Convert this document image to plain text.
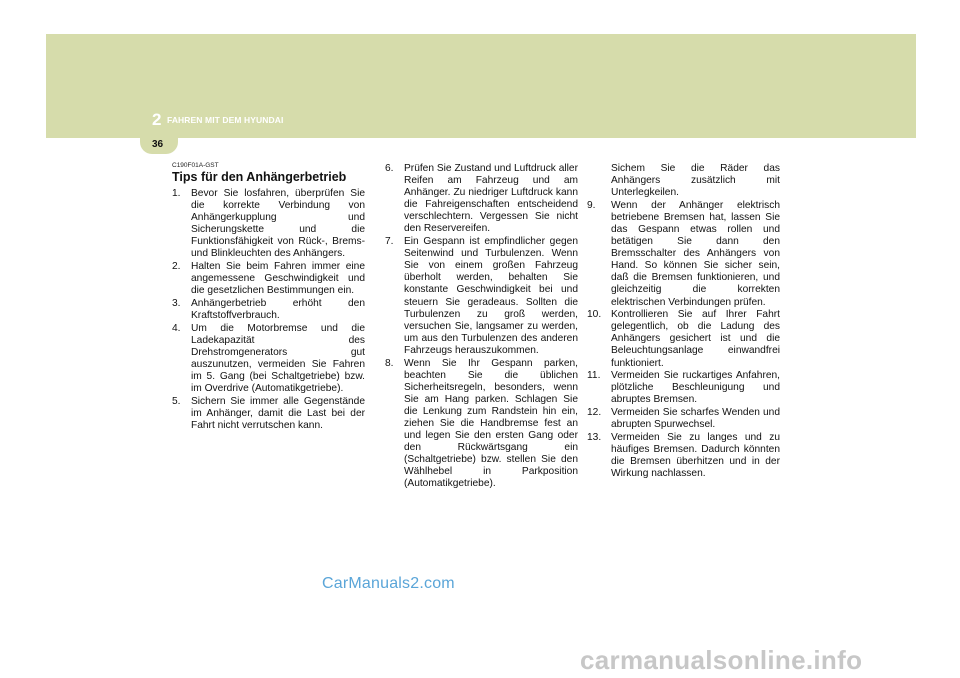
2 FAHREN MIT DEM HYUNDAI
36
C190F01A-GST
Tips für den Anhängerbetrieb
1. Bevor Sie losfahren, überprüfen Sie die korrekte Verbindung von Anhängerkupplung und Sicherungskette und die Funktionsfähigkeit von Rück-, Brems- und Blinkleuchten des Anhängers.
2. Halten Sie beim Fahren immer eine angemessene Geschwindigkeit und die gesetzlichen Bestimmungen ein.
3. Anhängerbetrieb erhöht den Kraftstoffverbrauch.
4. Um die Motorbremse und die Ladekapazität des Drehstromgenerators gut auszunutzen, vermeiden Sie Fahren im 5. Gang (bei Schaltgetriebe) bzw. im Overdrive (Automatikgetriebe).
5. Sichern Sie immer alle Gegenstände im Anhänger, damit die Last bei der Fahrt nicht verrutschen kann.
6. Prüfen Sie Zustand und Luftdruck aller Reifen am Fahrzeug und am Anhänger. Zu niedriger Luftdruck kann die Fahreigenschaften entscheidend verschlechtern. Vergessen Sie nicht den Reservereifen.
7. Ein Gespann ist empfindlicher gegen Seitenwind und Turbulenzen. Wenn Sie von einem großen Fahrzeug überholt werden, behalten Sie konstante Geschwindigkeit bei und steuern Sie geradeaus. Sollten die Turbulenzen zu groß werden, versuchen Sie, langsamer zu werden, um aus den Turbulenzen des anderen Fahrzeugs herauszukommen.
8. Wenn Sie Ihr Gespann parken, beachten Sie die üblichen Sicherheitsregeln, besonders, wenn Sie am Hang parken. Schlagen Sie die Lenkung zum Randstein hin ein, ziehen Sie die Handbremse fest an und legen Sie den ersten Gang oder den Rückwärtsgang ein (Schaltgetriebe) bzw. stellen Sie den Wählhebel in Parkposition (Automatikgetriebe).
Sichem Sie die Räder das Anhängers zusätzlich mit Unterlegkeilen.
9. Wenn der Anhänger elektrisch betriebene Bremsen hat, lassen Sie das Gespann etwas rollen und betätigen Sie dann den Bremsschalter des Anhängers von Hand. So können Sie sicher sein, daß die Bremsen funktionieren, und gleichzeitig die korrekten elektrischen Verbindungen prüfen.
10. Kontrollieren Sie auf Ihrer Fahrt gelegentlich, ob die Ladung des Anhängers gesichert ist und die Beleuchtungsanlage einwandfrei funktioniert.
11. Vermeiden Sie ruckartiges Anfahren, plötzliche Beschleunigung und abruptes Bremsen.
12. Vermeiden Sie scharfes Wenden und abrupten Spurwechsel.
13. Vermeiden Sie zu langes und zu häufiges Bremsen. Dadurch könnten die Bremsen überhitzen und in der Wirkung nachlassen.
CarManuals2.com
carmanualsonline.info
